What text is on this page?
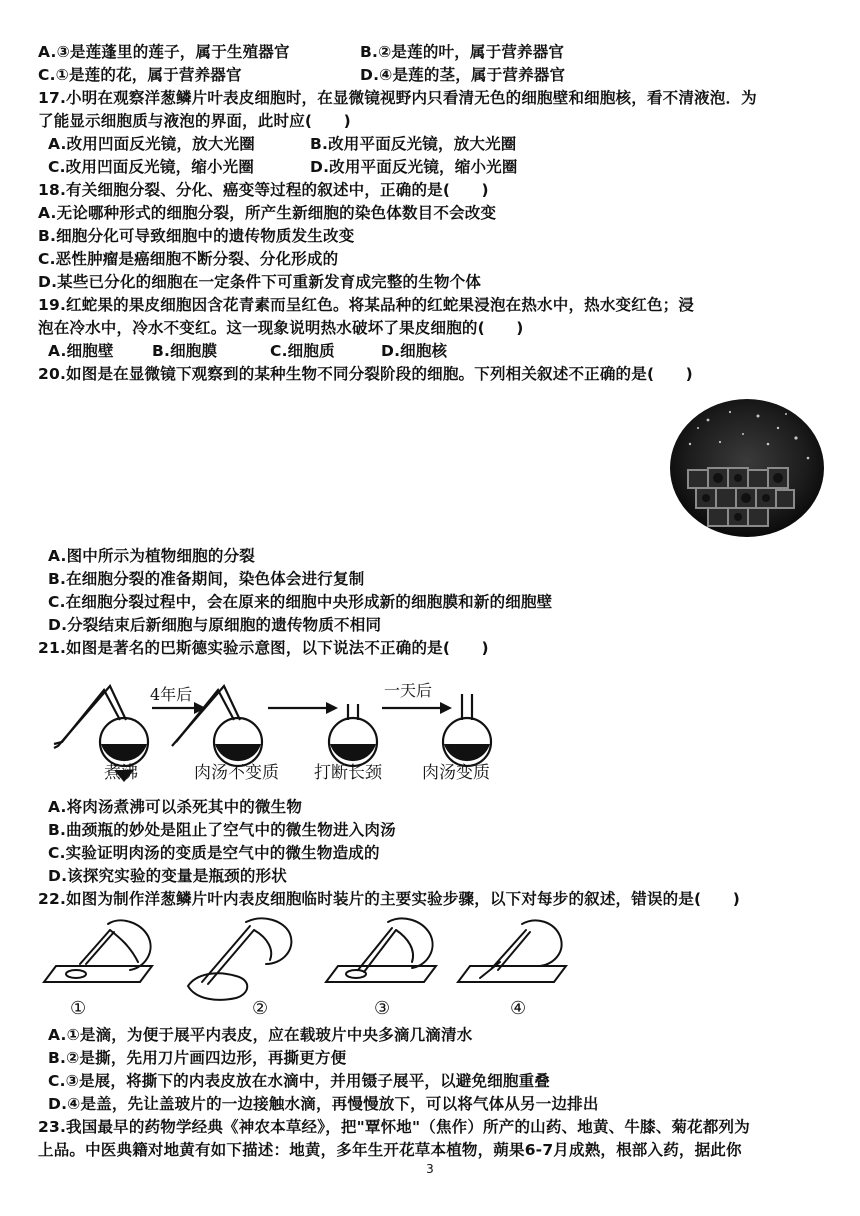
A.③是莲蓬里的莲子，属于生殖器官	B.②是莲的叶，属于营养器官
C.①是莲的花，属于营养器官	D.④是莲的茎，属于营养器官
17.小明在观察洋葱鳞片叶表皮细胞时，在显微镜视野内只看清无色的细胞壁和细胞核，看不清液泡．为
了能显示细胞质与液泡的界面，此时应(　　)
A.改用凹面反光镜，放大光圈	B.改用平面反光镜，放大光圈
C.改用凹面反光镜，缩小光圈	D.改用平面反光镜，缩小光圈
18.有关细胞分裂、分化、癌变等过程的叙述中，正确的是(　　)
A.无论哪种形式的细胞分裂，所产生新细胞的染色体数目不会改变
B.细胞分化可导致细胞中的遗传物质发生改变
C.恶性肿瘤是癌细胞不断分裂、分化形成的
D.某些已分化的细胞在一定条件下可重新发育成完整的生物个体
19.红蛇果的果皮细胞因含花青素而呈红色。将某品种的红蛇果浸泡在热水中，热水变红色；浸
泡在冷水中，冷水不变红。这一现象说明热水破坏了果皮细胞的(　　)
A.细胞壁 B.细胞膜	C.细胞质	D.细胞核
20.如图是在显微镜下观察到的某种生物不同分裂阶段的细胞。下列相关叙述不正确的是(　　)
A.图中所示为植物细胞的分裂
B.在细胞分裂的准备期间，染色体会进行复制
C.在细胞分裂过程中，会在原来的细胞中央形成新的细胞膜和新的细胞壁
D.分裂结束后新细胞与原细胞的遗传物质不相同
21.如图是著名的巴斯德实验示意图，以下说法不正确的是(　　)
4年后	一天后
煮沸	肉汤不变质 打断长颈 肉汤变质
A.将肉汤煮沸可以杀死其中的微生物
B.曲颈瓶的妙处是阻止了空气中的微生物进入肉汤
C.实验证明肉汤的变质是空气中的微生物造成的
D.该探究实验的变量是瓶颈的形状
22.如图为制作洋葱鳞片叶内表皮细胞临时装片的主要实验步骤，以下对每步的叙述，错误的是(　　)
①	②	③	④
A.①是滴，为便于展平内表皮，应在载玻片中央多滴几滴清水
B.②是撕，先用刀片画四边形，再撕更方便
C.③是展，将撕下的内表皮放在水滴中，并用镊子展平，以避免细胞重叠
D.④是盖，先让盖玻片的一边接触水滴，再慢慢放下，可以将气体从另一边排出
23.我国最早的药物学经典《神农本草经》，把"覃怀地"（焦作）所产的山药、地黄、牛膝、菊花都列为
上品。中医典籍对地黄有如下描述：地黄，多年生开花草本植物，蒴果6-7月成熟，根部入药，据此你
3
